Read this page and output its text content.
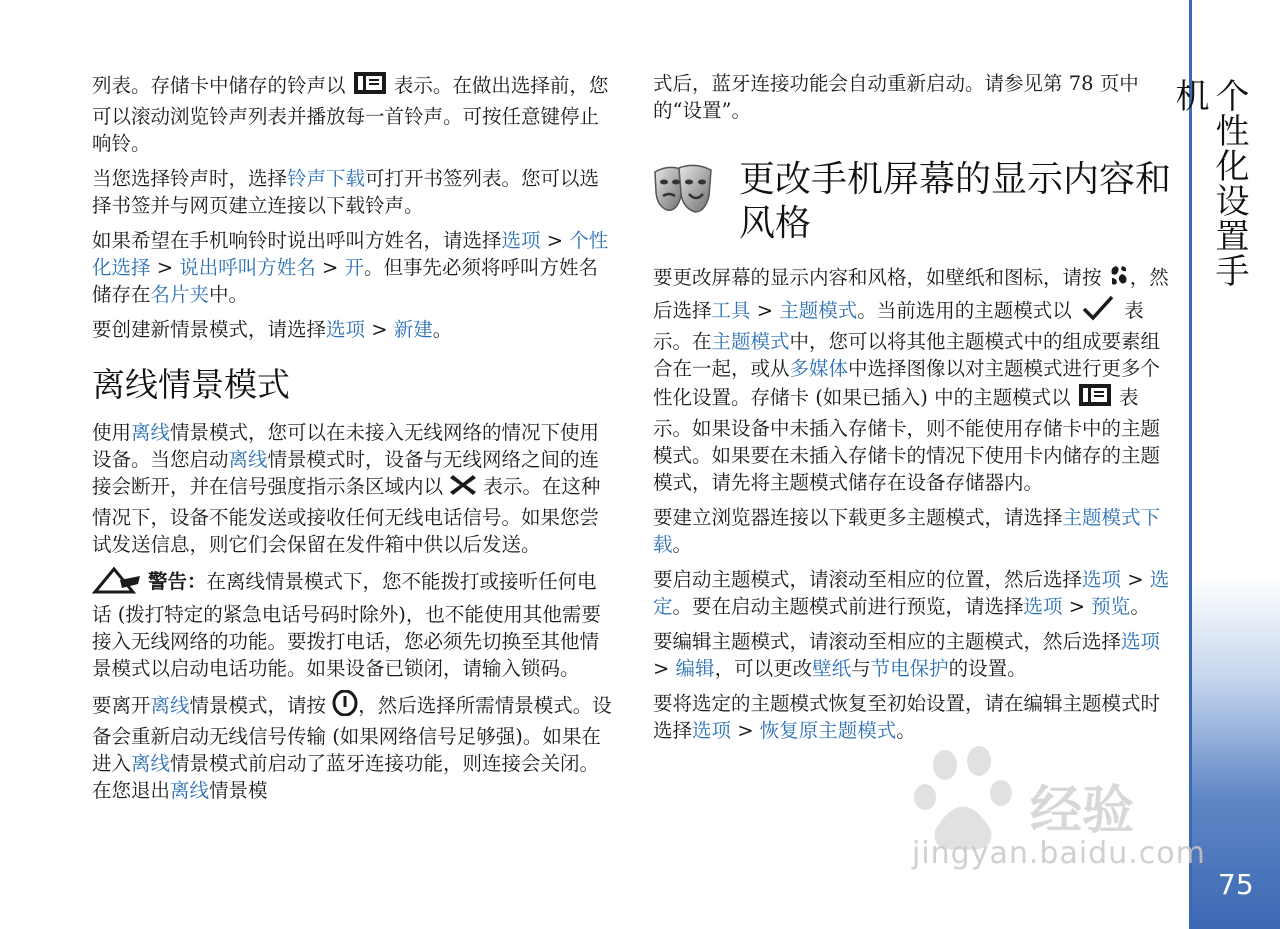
列表。存储卡中储存的铃声以  表示。在做出选择前，您可以滚动浏览铃声列表并播放每一首铃声。可按任意键停止响铃。

当您选择铃声时，选择铃声下载可打开书签列表。您可以选择书签并与网页建立连接以下载铃声。

如果希望在手机响铃时说出呼叫方姓名，请选择选项 > 个性化选择 > 说出呼叫方姓名 > 开。但事先必须将呼叫方姓名储存在名片夹中。

要创建新情景模式，请选择选项 > 新建。

离线情景模式

使用离线情景模式，您可以在未接入无线网络的情况下使用设备。当您启动离线情景模式时，设备与无线网络之间的连接会断开，并在信号强度指示条区域内以  表示。在这种情况下，设备不能发送或接收任何无线电话信号。如果您尝试发送信息，则它们会保留在发件箱中供以后发送。

警告：在离线情景模式下，您不能拨打或接听任何电话 (拨打特定的紧急电话号码时除外)，也不能使用其他需要接入无线网络的功能。要拨打电话，您必须先切换至其他情景模式以启动电话功能。如果设备已锁闭，请输入锁码。

要离开离线情景模式，请按 ，然后选择所需情景模式。设备会重新启动无线信号传输 (如果网络信号足够强)。如果在进入离线情景模式前启动了蓝牙连接功能，则连接会关闭。在您退出离线情景模

式后，蓝牙连接功能会自动重新启动。请参见第 78 页中的“设置”。

更改手机屏幕的显示内容和风格

要更改屏幕的显示内容和风格，如壁纸和图标，请按 ，然后选择工具 > 主题模式。当前选用的主题模式以  表示。在主题模式中，您可以将其他主题模式中的组成要素组合在一起，或从多媒体中选择图像以对主题模式进行更多个性化设置。存储卡 (如果已插入) 中的主题模式以  表示。如果设备中未插入存储卡，则不能使用存储卡中的主题模式。如果要在未插入存储卡的情况下使用卡内储存的主题模式，请先将主题模式储存在设备存储器内。

要建立浏览器连接以下载更多主题模式，请选择主题模式下载。

要启动主题模式，请滚动至相应的位置，然后选择选项 > 选定。要在启动主题模式前进行预览，请选择选项 > 预览。

要编辑主题模式，请滚动至相应的主题模式，然后选择选项 > 编辑，可以更改壁纸与节电保护的设置。

要将选定的主题模式恢复至初始设置，请在编辑主题模式时选择选项 > 恢复原主题模式。

个性化设置手机
75
经验
jingyan.baidu.com
